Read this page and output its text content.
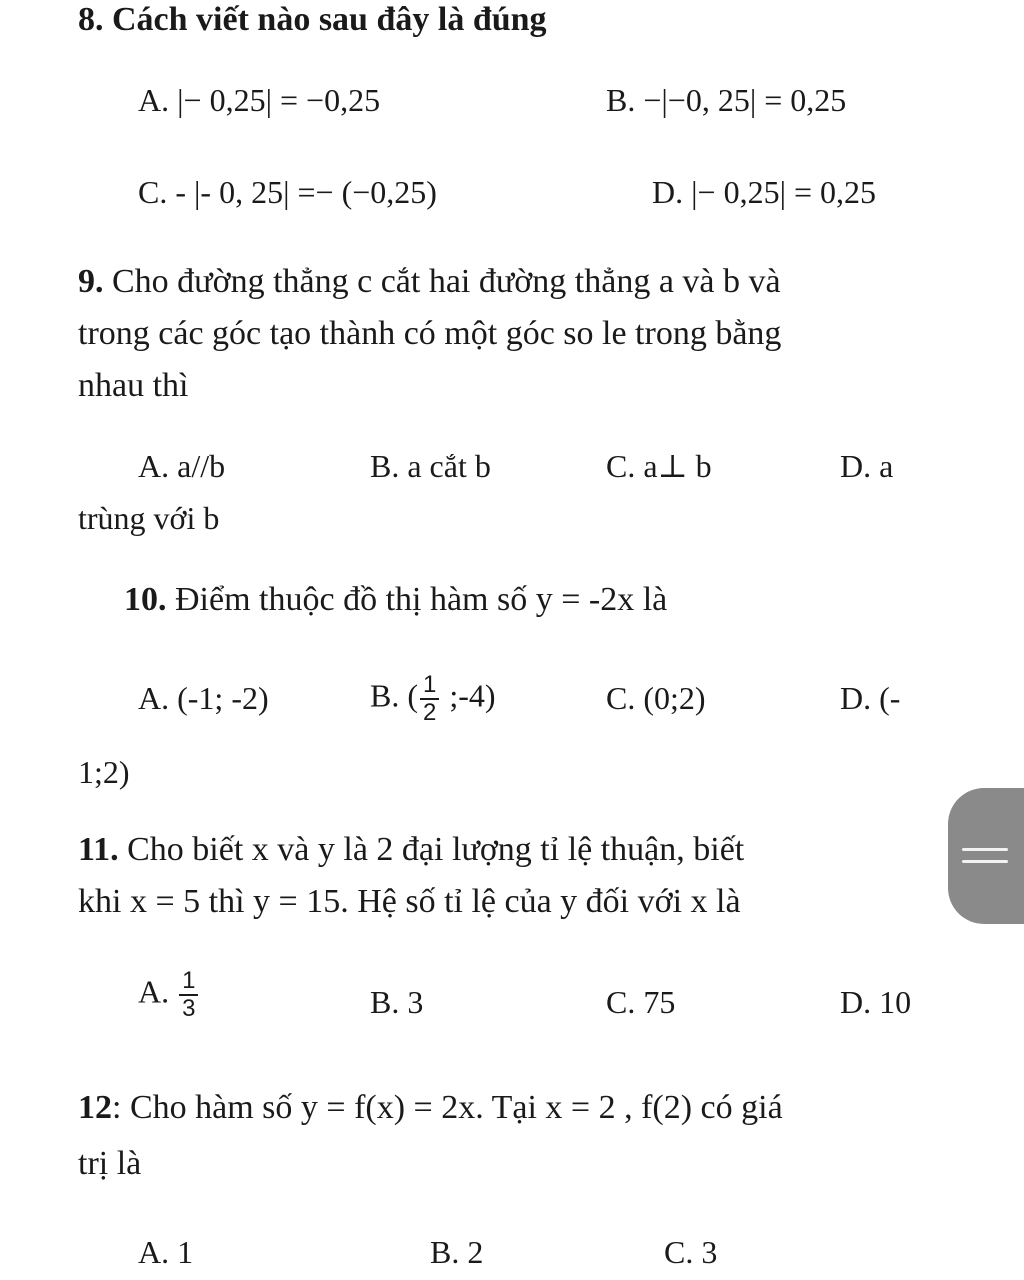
8. Cách viết nào sau đây là đúng
A. |− 0,25| = −0,25	B. −|−0, 25| = 0,25
C. - |- 0, 25| =− (−0,25)	D. |− 0,25| = 0,25
9. Cho đường thẳng c cắt hai đường thẳng a và b và
trong các góc tạo thành có một góc so le trong bằng
nhau thì
A. a//b	B. a cắt b	C. a⊥ b	D. a
trùng với b
10. Điểm thuộc đồ thị hàm số y = -2x là
A. (-1; -2)	B. ( $\frac{1}{2}$ ;-4)	C. (0;2)	D. (-
1;2)
11. Cho biết x và y là 2 đại lượng tỉ lệ thuận, biết
khi x = 5 thì y = 15. Hệ số tỉ lệ của y đối với x là
A. $\frac{1}{3}$	B. 3	C. 75	D. 10
12: Cho hàm số y = f(x) = 2x. Tại x = 2 , f(2) có giá
trị là
A. 1	B. 2	C. 3
